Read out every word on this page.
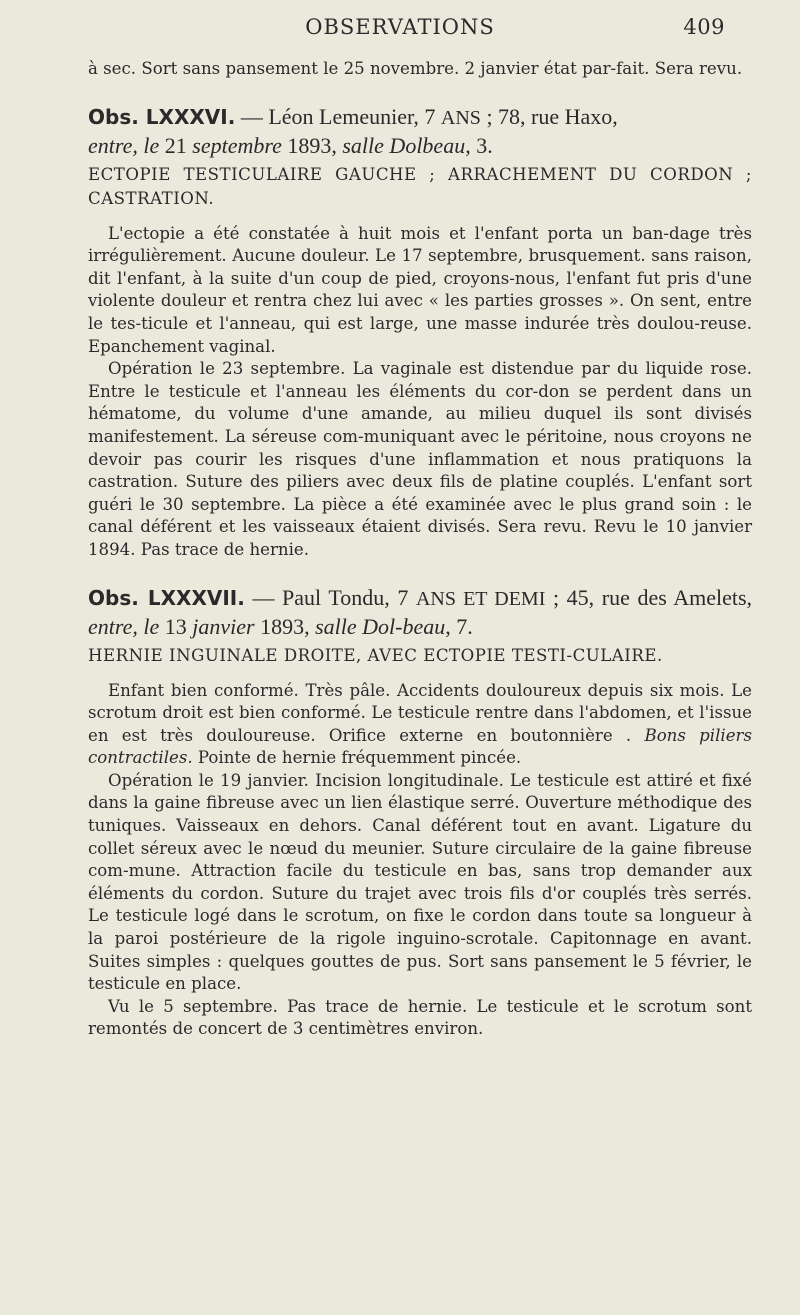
OBSERVATIONS	409

à sec. Sort sans pansement le 25 novembre. 2 janvier état par-fait. Sera revu.

Obs. LXXXVI. — Léon Lemeunier, 7 ANS ; 78, rue Haxo,
entre, le 21 septembre 1893, salle Dolbeau, 3.

ECTOPIE TESTICULAIRE GAUCHE ; ARRACHEMENT DU CORDON ; CASTRATION.

L'ectopie a été constatée à huit mois et l'enfant porta un ban-dage très irrégulièrement. Aucune douleur. Le 17 septembre, brusquement. sans raison, dit l'enfant, à la suite d'un coup de pied, croyons-nous, l'enfant fut pris d'une violente douleur et rentra chez lui avec « les parties grosses ». On sent, entre le tes-ticule et l'anneau, qui est large, une masse indurée très doulou-reuse. Epanchement vaginal.

Opération le 23 septembre. La vaginale est distendue par du liquide rose. Entre le testicule et l'anneau les éléments du cor-don se perdent dans un hématome, du volume d'une amande, au milieu duquel ils sont divisés manifestement. La séreuse com-muniquant avec le péritoine, nous croyons ne devoir pas courir les risques d'une inflammation et nous pratiquons la castration. Suture des piliers avec deux fils de platine couplés. L'enfant sort guéri le 30 septembre. La pièce a été examinée avec le plus grand soin : le canal déférent et les vaisseaux étaient divisés. Sera revu. Revu le 10 janvier 1894. Pas trace de hernie.

Obs. LXXXVII. — Paul Tondu, 7 ANS ET DEMI ; 45, rue des Amelets, entre, le 13 janvier 1893, salle Dol-beau, 7.

HERNIE INGUINALE DROITE, AVEC ECTOPIE TESTI-CULAIRE.

Enfant bien conformé. Très pâle. Accidents douloureux depuis six mois. Le scrotum droit est bien conformé. Le testicule rentre dans l'abdomen, et l'issue en est très douloureuse. Orifice externe en boutonnière . Bons piliers contractiles. Pointe de hernie fréquemment pincée.

Opération le 19 janvier. Incision longitudinale. Le testicule est attiré et fixé dans la gaine fibreuse avec un lien élastique serré. Ouverture méthodique des tuniques. Vaisseaux en dehors. Canal déférent tout en avant. Ligature du collet séreux avec le nœud du meunier. Suture circulaire de la gaine fibreuse com-mune. Attraction facile du testicule en bas, sans trop demander aux éléments du cordon. Suture du trajet avec trois fils d'or couplés très serrés. Le testicule logé dans le scrotum, on fixe le cordon dans toute sa longueur à la paroi postérieure de la rigole inguino-scrotale. Capitonnage en avant. Suites simples : quelques gouttes de pus. Sort sans pansement le 5 février, le testicule en place.

Vu le 5 septembre. Pas trace de hernie. Le testicule et le scrotum sont remontés de concert de 3 centimètres environ.
